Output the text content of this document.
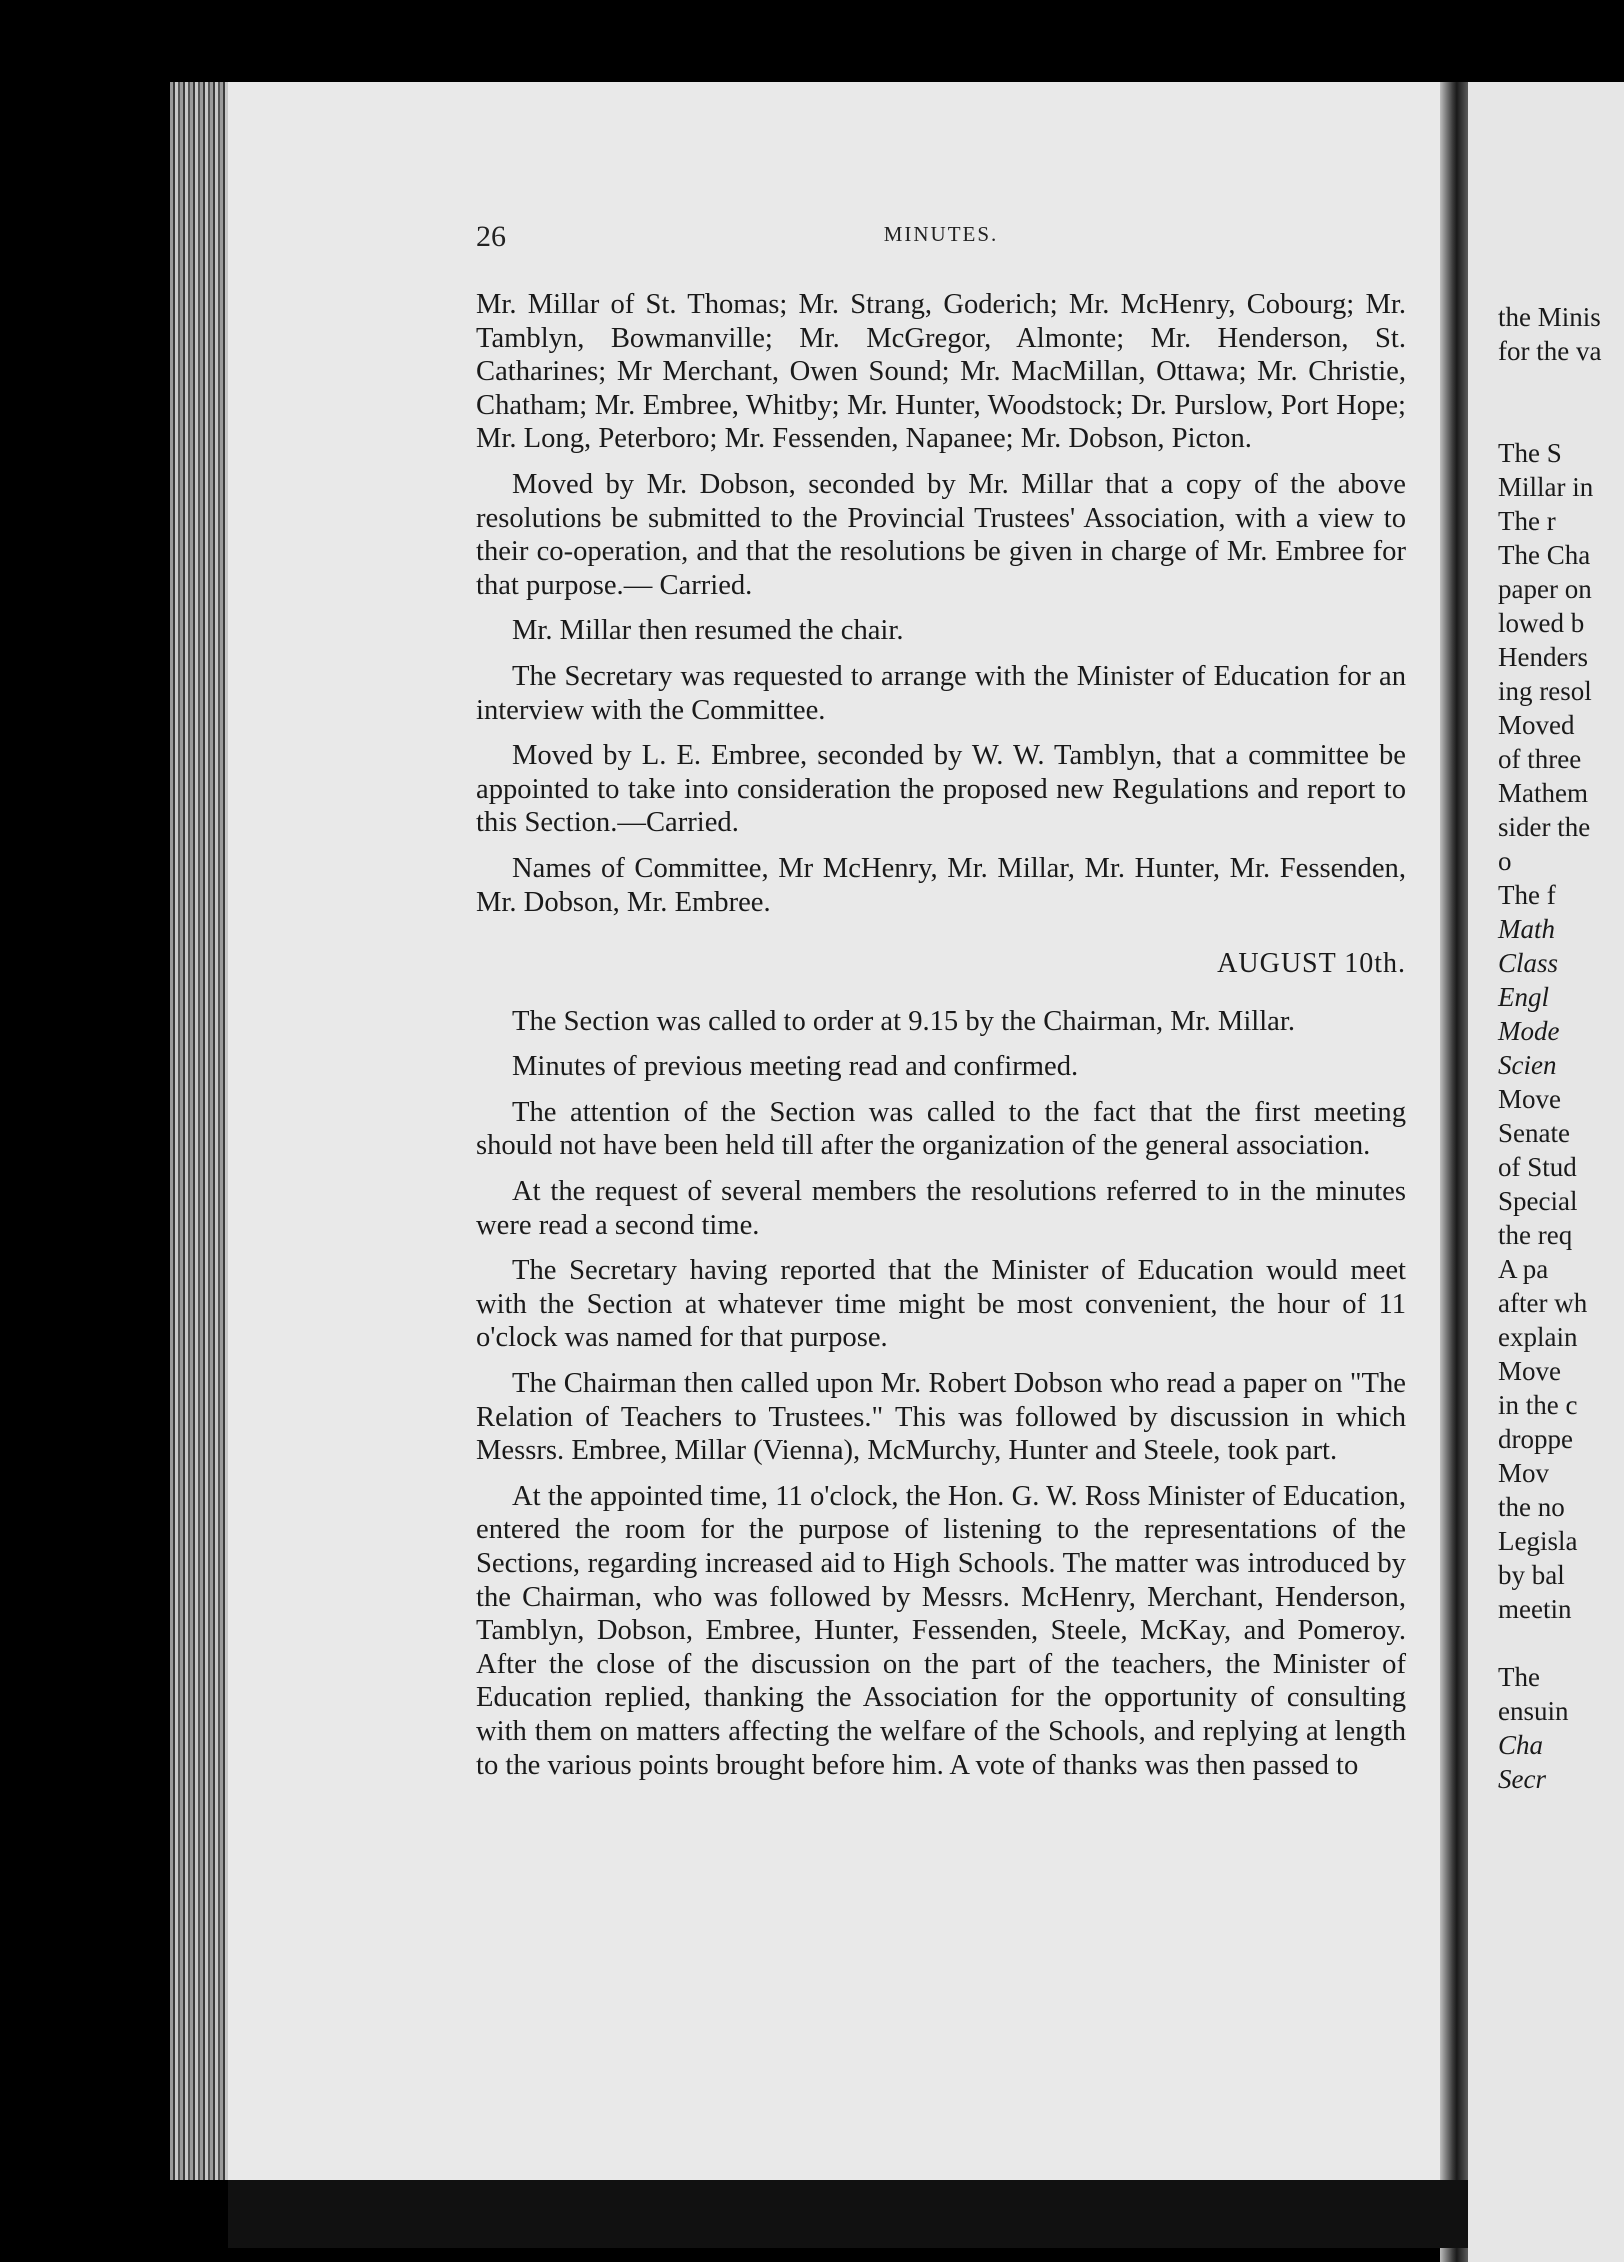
26	MINUTES.

Mr. Millar of St. Thomas; Mr. Strang, Goderich; Mr. McHenry, Cobourg; Mr. Tamblyn, Bowmanville; Mr. McGregor, Almonte; Mr. Henderson, St. Catharines; Mr Merchant, Owen Sound; Mr. MacMillan, Ottawa; Mr. Christie, Chatham; Mr. Embree, Whitby; Mr. Hunter, Woodstock; Dr. Purslow, Port Hope; Mr. Long, Peterboro; Mr. Fessenden, Napanee; Mr. Dobson, Picton.

Moved by Mr. Dobson, seconded by Mr. Millar that a copy of the above resolutions be submitted to the Provincial Trustees' Association, with a view to their co-operation, and that the resolutions be given in charge of Mr. Embree for that purpose.— Carried.

Mr. Millar then resumed the chair.

The Secretary was requested to arrange with the Minister of Education for an interview with the Committee.

Moved by L. E. Embree, seconded by W. W. Tamblyn, that a committee be appointed to take into consideration the proposed new Regulations and report to this Section.—Carried.

Names of Committee, Mr McHenry, Mr. Millar, Mr. Hunter, Mr. Fessenden, Mr. Dobson, Mr. Embree.

AUGUST 10th.

The Section was called to order at 9.15 by the Chairman, Mr. Millar.

Minutes of previous meeting read and confirmed.

The attention of the Section was called to the fact that the first meeting should not have been held till after the organization of the general association.

At the request of several members the resolutions referred to in the minutes were read a second time.

The Secretary having reported that the Minister of Education would meet with the Section at whatever time might be most convenient, the hour of 11 o'clock was named for that purpose.

The Chairman then called upon Mr. Robert Dobson who read a paper on "The Relation of Teachers to Trustees." This was followed by discussion in which Messrs. Embree, Millar (Vienna), McMurchy, Hunter and Steele, took part.

At the appointed time, 11 o'clock, the Hon. G. W. Ross Minister of Education, entered the room for the purpose of listening to the representations of the Sections, regarding increased aid to High Schools. The matter was introduced by the Chairman, who was followed by Messrs. McHenry, Merchant, Henderson, Tamblyn, Dobson, Embree, Hunter, Fessenden, Steele, McKay, and Pomeroy. After the close of the discussion on the part of the teachers, the Minister of Education replied, thanking the Association for the opportunity of consulting with them on matters affecting the welfare of the Schools, and replying at length to the various points brought before him. A vote of thanks was then passed to

the Minis
for the va
The S
Millar in
The r
The Cha
paper on
lowed b
Henders
ing resol
Moved
of three
Mathem
sider the
o
The f
Math
Class
Engl
Mode
Scien
Move
Senate
of Stud
Special
the req
A pa
after wh
explain
Move
in the c
droppe
Mov
the no
Legisla
by bal
meetin
The
ensuin
Cha
Secr
